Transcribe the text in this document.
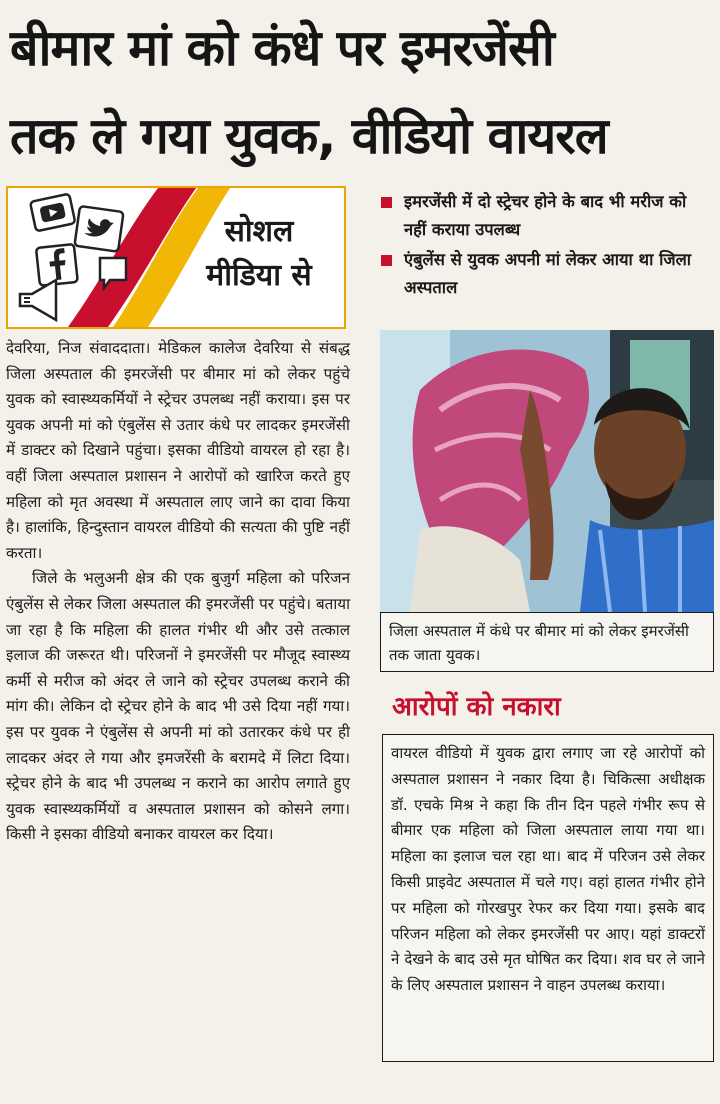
बीमार मां को कंधे पर इमरजेंसी
तक ले गया युवक, वीडियो वायरल
सोशल
मीडिया से

देवरिया, निज संवाददाता। मेडिकल कालेज देवरिया से संबद्ध जिला अस्पताल की इमरजेंसी पर बीमार मां को लेकर पहुंचे युवक को स्वास्थ्यकर्मियों ने स्ट्रेचर उपलब्ध नहीं कराया। इस पर युवक अपनी मां को एंबुलेंस से उतार कंधे पर लादकर इमरजेंसी में डाक्टर को दिखाने पहुंचा। इसका वीडियो वायरल हो रहा है। वहीं जिला अस्पताल प्रशासन ने आरोपों को खारिज करते हुए महिला को मृत अवस्था में अस्पताल लाए जाने का दावा किया है। हालांकि, हिन्दुस्तान वायरल वीडियो की सत्यता की पुष्टि नहीं करता।

जिले के भलुअनी क्षेत्र की एक बुजुर्ग महिला को परिजन एंबुलेंस से लेकर जिला अस्पताल की इमरजेंसी पर पहुंचे। बताया जा रहा है कि महिला की हालत गंभीर थी और उसे तत्काल इलाज की जरूरत थी। परिजनों ने इमरजेंसी पर मौजूद स्वास्थ्य कर्मी से मरीज को अंदर ले जाने को स्ट्रेचर उपलब्ध कराने की मांग की। लेकिन दो स्ट्रेचर होने के बाद भी उसे दिया नहीं गया। इस पर युवक ने एंबुलेंस से अपनी मां को उतारकर कंधे पर ही लादकर अंदर ले गया और इमजरेंसी के बरामदे में लिटा दिया। स्ट्रेचर होने के बाद भी उपलब्ध न कराने का आरोप लगाते हुए युवक स्वास्थ्यकर्मियों व अस्पताल प्रशासन को कोसने लगा। किसी ने इसका वीडियो बनाकर वायरल कर दिया।

इमरजेंसी में दो स्ट्रेचर होने के बाद भी मरीज को नहीं कराया उपलब्ध
एंबुलेंस से युवक अपनी मां लेकर आया था जिला अस्पताल
जिला अस्पताल में कंधे पर बीमार मां को लेकर इमरजेंसी तक जाता युवक।
आरोपों को नकारा

वायरल वीडियो में युवक द्वारा लगाए जा रहे आरोपों को अस्पताल प्रशासन ने नकार दिया है। चिकित्सा अधीक्षक डॉ. एचके मिश्र ने कहा कि तीन दिन पहले गंभीर रूप से बीमार एक महिला को जिला अस्पताल लाया गया था। महिला का इलाज चल रहा था। बाद में परिजन उसे लेकर किसी प्राइवेट अस्पताल में चले गए। वहां हालत गंभीर होने पर महिला को गोरखपुर रेफर कर दिया गया। इसके बाद परिजन महिला को लेकर इमरजेंसी पर आए। यहां डाक्टरों ने देखने के बाद उसे मृत घोषित कर दिया। शव घर ले जाने के लिए अस्पताल प्रशासन ने वाहन उपलब्ध कराया।
